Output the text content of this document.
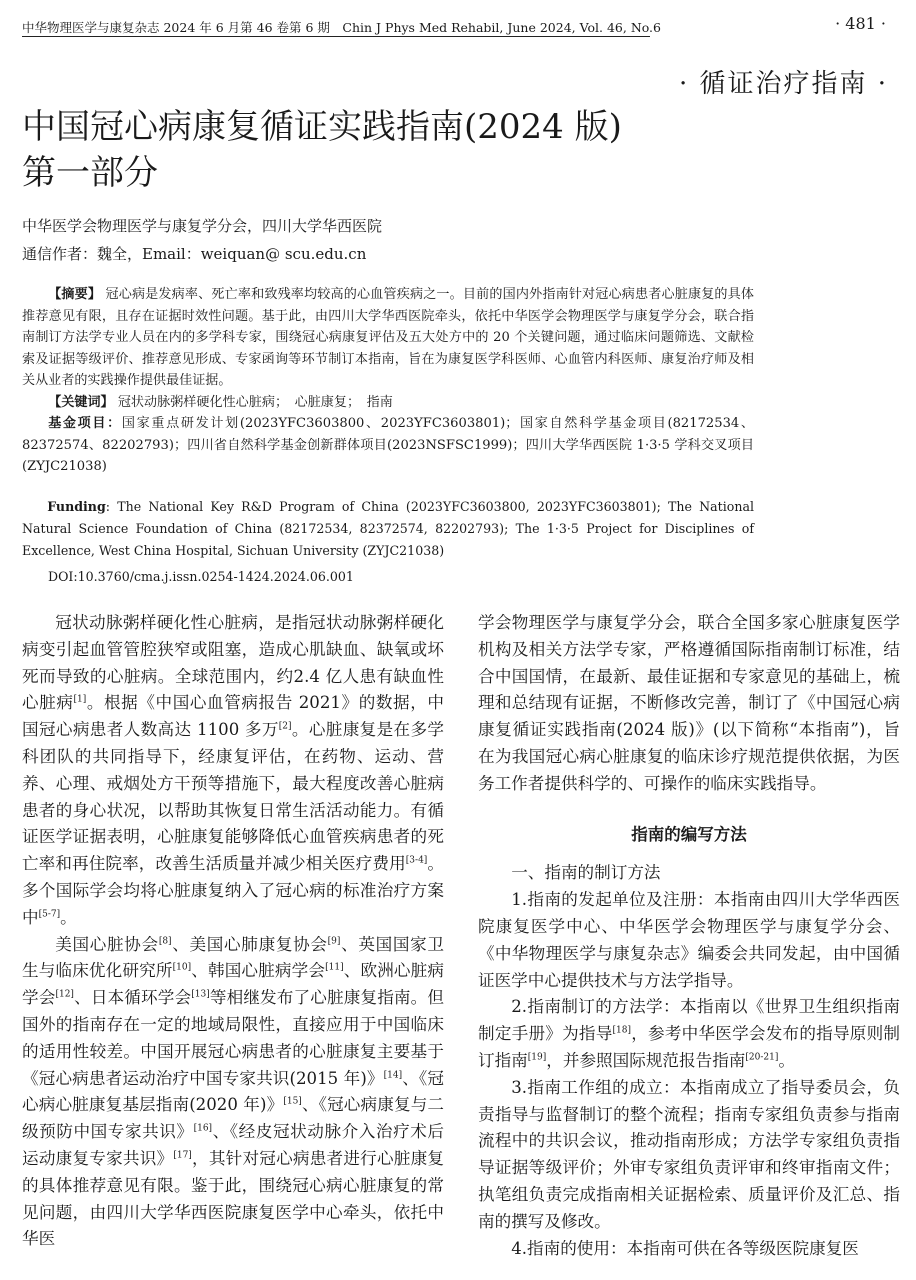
中华物理医学与康复杂志 2024 年 6 月第 46 卷第 6 期　Chin J Phys Med Rehabil, June 2024, Vol. 46, No.6	· 481 ·
· 循证治疗指南 ·
中国冠心病康复循证实践指南(2024 版)
第一部分
中华医学会物理医学与康复学分会，四川大学华西医院
通信作者：魏全，Email：weiquan@ scu.edu.cn

【摘要】 冠心病是发病率、死亡率和致残率均较高的心血管疾病之一。目前的国内外指南针对冠心病患者心脏康复的具体推荐意见有限，且存在证据时效性问题。基于此，由四川大学华西医院牵头，依托中华医学会物理医学与康复学分会，联合指南制订方法学专业人员在内的多学科专家，围绕冠心病康复评估及五大处方中的 20 个关键问题，通过临床问题筛选、文献检索及证据等级评价、推荐意见形成、专家函询等环节制订本指南，旨在为康复医学科医师、心血管内科医师、康复治疗师及相关从业者的实践操作提供最佳证据。

【关键词】 冠状动脉粥样硬化性心脏病；　心脏康复；　指南

基金项目：国家重点研发计划(2023YFC3603800、2023YFC3603801)；国家自然科学基金项目(82172534、82372574、82202793)；四川省自然科学基金创新群体项目(2023NSFSC1999)；四川大学华西医院 1·3·5 学科交叉项目(ZYJC21038)

Funding: The National Key R&D Program of China (2023YFC3603800, 2023YFC3603801); The National Natural Science Foundation of China (82172534, 82372574, 82202793); The 1·3·5 Project for Disciplines of Excellence, West China Hospital, Sichuan University (ZYJC21038)
DOI:10.3760/cma.j.issn.0254-1424.2024.06.001

冠状动脉粥样硬化性心脏病，是指冠状动脉粥样硬化病变引起血管管腔狭窄或阻塞，造成心肌缺血、缺氧或坏死而导致的心脏病。全球范围内，约2.4 亿人患有缺血性心脏病[1]。根据《中国心血管病报告 2021》的数据，中国冠心病患者人数高达 1100 多万[2]。心脏康复是在多学科团队的共同指导下，经康复评估，在药物、运动、营养、心理、戒烟处方干预等措施下，最大程度改善心脏病患者的身心状况，以帮助其恢复日常生活活动能力。有循证医学证据表明，心脏康复能够降低心血管疾病患者的死亡率和再住院率，改善生活质量并减少相关医疗费用[3-4]。多个国际学会均将心脏康复纳入了冠心病的标准治疗方案中[5-7]。

美国心脏协会[8]、美国心肺康复协会[9]、英国国家卫生与临床优化研究所[10]、韩国心脏病学会[11]、欧洲心脏病学会[12]、日本循环学会[13]等相继发布了心脏康复指南。但国外的指南存在一定的地域局限性，直接应用于中国临床的适用性较差。中国开展冠心病患者的心脏康复主要基于《冠心病患者运动治疗中国专家共识(2015 年)》[14]、《冠心病心脏康复基层指南(2020 年)》[15]、《冠心病康复与二级预防中国专家共识》[16]、《经皮冠状动脉介入治疗术后运动康复专家共识》[17]，其针对冠心病患者进行心脏康复的具体推荐意见有限。鉴于此，围绕冠心病心脏康复的常见问题，由四川大学华西医院康复医学中心牵头，依托中华医

学会物理医学与康复学分会，联合全国多家心脏康复医学机构及相关方法学专家，严格遵循国际指南制订标准，结合中国国情，在最新、最佳证据和专家意见的基础上，梳理和总结现有证据，不断修改完善，制订了《中国冠心病康复循证实践指南(2024 版)》(以下简称“本指南”)，旨在为我国冠心病心脏康复的临床诊疗规范提供依据，为医务工作者提供科学的、可操作的临床实践指导。

指南的编写方法

一、指南的制订方法

1.指南的发起单位及注册：本指南由四川大学华西医院康复医学中心、中华医学会物理医学与康复学分会、《中华物理医学与康复杂志》编委会共同发起，由中国循证医学中心提供技术与方法学指导。

2.指南制订的方法学：本指南以《世界卫生组织指南制定手册》为指导[18]，参考中华医学会发布的指导原则制订指南[19]，并参照国际规范报告指南[20-21]。

3.指南工作组的成立：本指南成立了指导委员会，负责指导与监督制订的整个流程；指南专家组负责参与指南流程中的共识会议，推动指南形成；方法学专家组负责指导证据等级评价；外审专家组负责评审和终审指南文件；执笔组负责完成指南相关证据检索、质量评价及汇总、指南的撰写及修改。

4.指南的使用：本指南可供在各等级医院康复医
